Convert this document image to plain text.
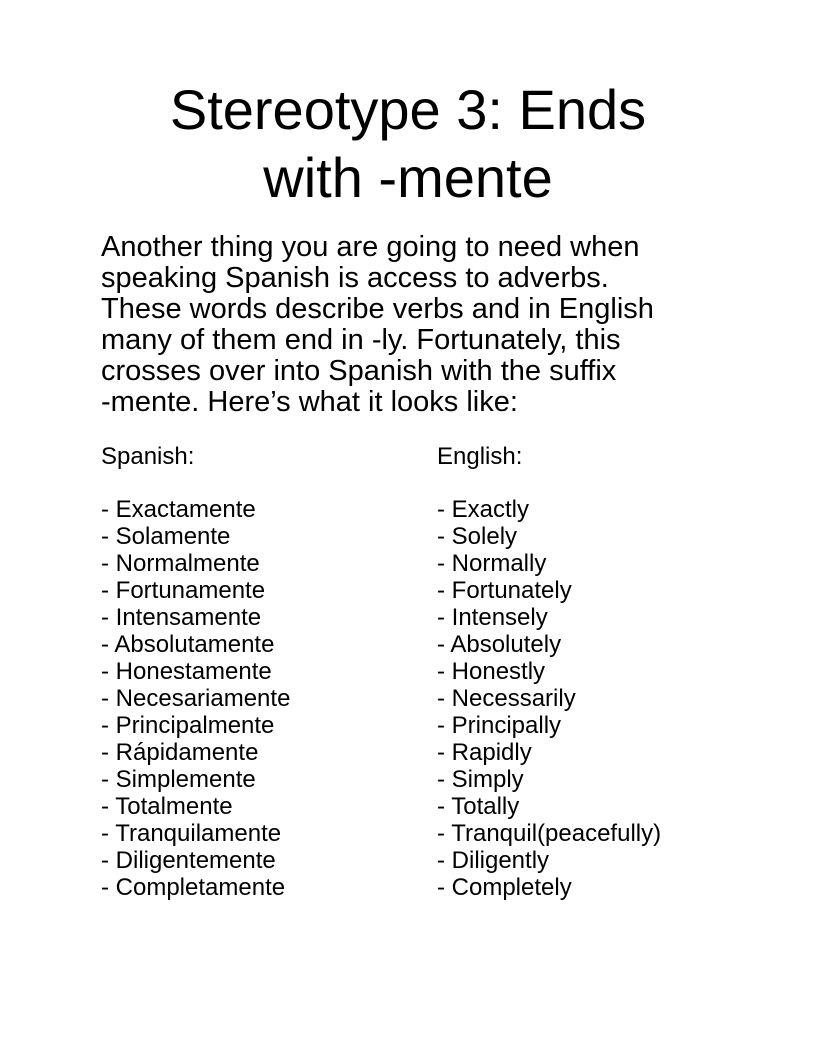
Stereotype 3: Ends
with -mente

Another thing you are going to need when
speaking Spanish is access to adverbs.
These words describe verbs and in English
many of them end in -ly. Fortunately, this
crosses over into Spanish with the suffix
-mente. Here’s what it looks like:

Spanish:
- Exactamente
- Solamente
- Normalmente
- Fortunamente
- Intensamente
- Absolutamente
- Honestamente
- Necesariamente
- Principalmente
- Rápidamente
- Simplemente
- Totalmente
- Tranquilamente
- Diligentemente
- Completamente
English:
- Exactly
- Solely
- Normally
- Fortunately
- Intensely
- Absolutely
- Honestly
- Necessarily
- Principally
- Rapidly
- Simply
- Totally
- Tranquil(peacefully)
- Diligently
- Completely
